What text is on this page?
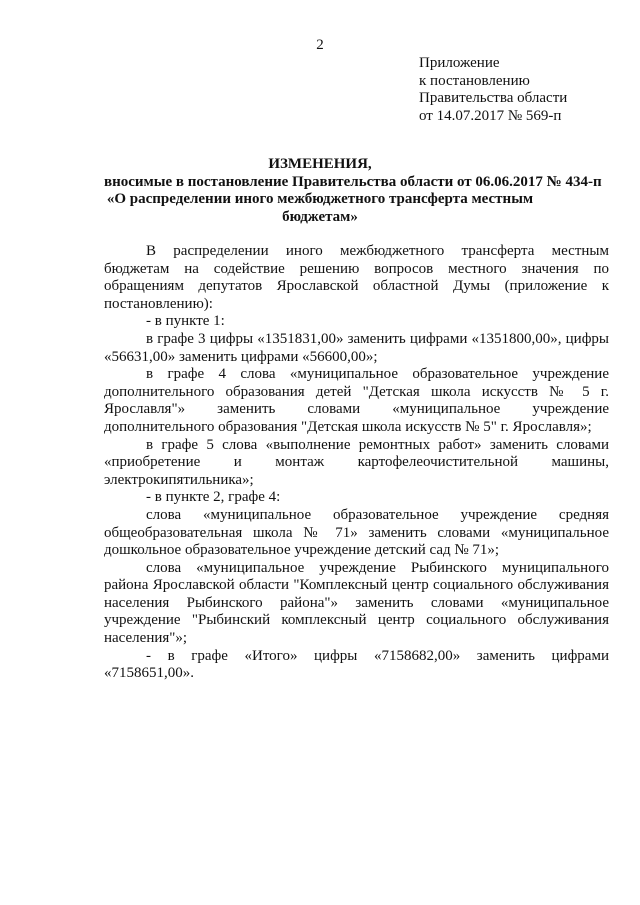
2
Приложение
к постановлению
Правительства области
от 14.07.2017 № 569-п
ИЗМЕНЕНИЯ,
вносимые в постановление Правительства области от 06.06.2017 № 434-п
«О распределении иного межбюджетного трансферта местным
бюджетам»

В распределении иного межбюджетного трансферта местным бюджетам на содействие решению вопросов местного значения по обращениям депутатов Ярославской областной Думы (приложение к постановлению):

- в пункте 1:

в графе 3 цифры «1351831,00» заменить цифрами «1351800,00», цифры «56631,00» заменить цифрами «56600,00»;

в графе 4 слова «муниципальное образовательное учреждение дополнительного образования детей "Детская школа искусств № 5 г. Ярославля"» заменить словами «муниципальное учреждение дополнительного образования "Детская школа искусств № 5" г. Ярославля»;

в графе 5 слова «выполнение ремонтных работ» заменить словами «приобретение и монтаж картофелеочистительной машины, электрокипятильника»;

- в пункте 2, графе 4:

слова «муниципальное образовательное учреждение средняя общеобразовательная школа № 71» заменить словами «муниципальное дошкольное образовательное учреждение детский сад № 71»;

слова «муниципальное учреждение Рыбинского муниципального района Ярославской области "Комплексный центр социального обслуживания населения Рыбинского района"» заменить словами «муниципальное учреждение "Рыбинский комплексный центр социального обслуживания населения"»;

- в графе «Итого» цифры «7158682,00» заменить цифрами «7158651,00».
